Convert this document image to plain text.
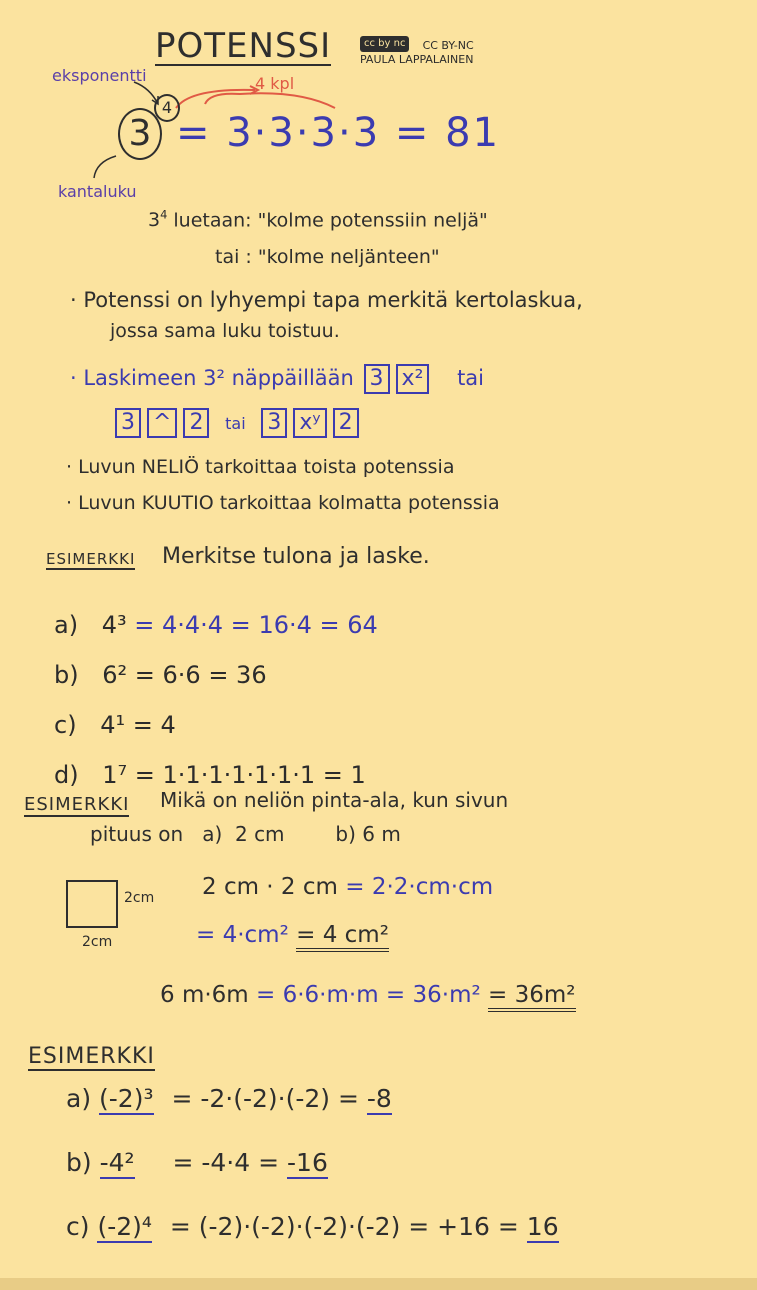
POTENSSI	cc by nc CC BY-NC
PAULA LAPPALAINEN
eksponentti	4 kpl
3
4
= 3·3·3·3 = 81
kantaluku
$3^4$ luetaan: "kolme potenssiin neljä"
tai : "kolme neljänteen"
· Potenssi on lyhyempi tapa merkitä kertolaskua,
jossa sama luku toistuu.
· Laskimeen 3² näppäillään 3 x² tai
3 ^ 2 tai 3 xʸ 2
· Luvun NELIÖ tarkoittaa toista potenssia
· Luvun KUUTIO tarkoittaa kolmatta potenssia
ESIMERKKI Merkitse tulona ja laske.
a) 4³ = 4·4·4 = 16·4 = 64
b) 6² = 6·6 = 36
c) 4¹ = 4
d) 1⁷ = 1·1·1·1·1·1·1 = 1
ESIMERKKI Mikä on neliön pinta-ala, kun sivun
pituus on   a)  2 cm        b) 6 m
2cm
2cm
2 cm · 2 cm = 2·2·cm·cm
= 4·cm² = 4 cm²
6 m·6m = 6·6·m·m = 36·m² = 36m²
ESIMERKKI
a) (-2)³ = -2·(-2)·(-2) = -8
b) -4² = -4·4 = -16
c) (-2)⁴ = (-2)·(-2)·(-2)·(-2) = +16 = 16
